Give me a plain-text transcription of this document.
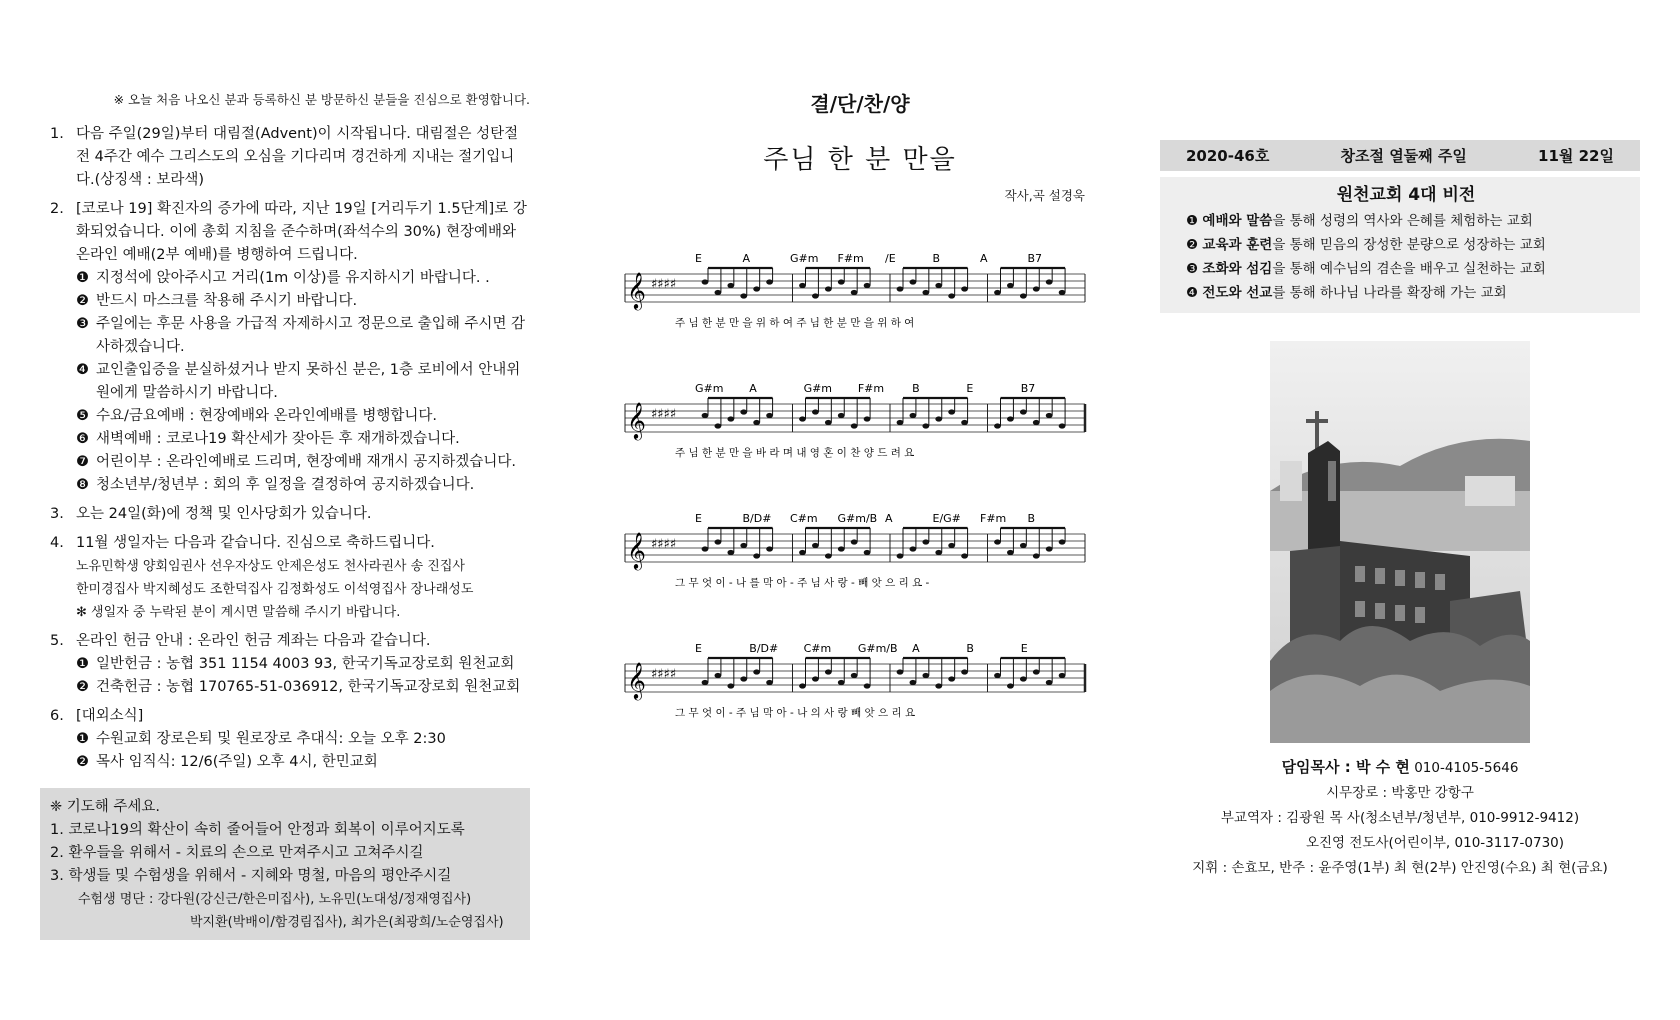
※ 오늘 처음 나오신 분과 등록하신 분 방문하신 분들을 진심으로 환영합니다.
1. 다음 주일(29일)부터 대림절(Advent)이 시작됩니다. 대림절은 성탄절 전 4주간 예수 그리스도의 오심을 기다리며 경건하게 지내는 절기입니다.(상징색 : 보라색)
2. [코로나 19] 확진자의 증가에 따라, 지난 19일 [거리두기 1.5단계]로 강화되었습니다. 이에 총회 지침을 준수하며(좌석수의 30%) 현장예배와 온라인 예배(2부 예배)를 병행하여 드립니다.
❶ 지정석에 앉아주시고 거리(1m 이상)를 유지하시기 바랍니다. .
❷ 반드시 마스크를 착용해 주시기 바랍니다.
❸ 주일에는 후문 사용을 가급적 자제하시고 정문으로 출입해 주시면 감사하겠습니다.
❹ 교인출입증을 분실하셨거나 받지 못하신 분은, 1층 로비에서 안내위원에게 말씀하시기 바랍니다.
❺ 수요/금요예배 : 현장예배와 온라인예배를 병행합니다.
❻ 새벽예배 : 코로나19 확산세가 잦아든 후 재개하겠습니다.
❼ 어린이부 : 온라인예배로 드리며, 현장예배 재개시 공지하겠습니다.
❽ 청소년부/청년부 : 회의 후 일정을 결정하여 공지하겠습니다.
3. 오는 24일(화)에 정책 및 인사당회가 있습니다.
4. 11월 생일자는 다음과 같습니다. 진심으로 축하드립니다.
노유민학생 양회임권사 선우자상도 안제은성도 천사라권사 송 진집사
한미경집사 박지혜성도 조한덕집사 김정화성도 이석영집사 장나래성도
✻ 생일자 중 누락된 분이 계시면 말씀해 주시기 바랍니다.
5. 온라인 헌금 안내 : 온라인 헌금 계좌는 다음과 같습니다.
❶ 일반헌금 : 농협 351 1154 4003 93, 한국기독교장로회 원천교회
❷ 건축헌금 : 농협 170765-51-036912, 한국기독교장로회 원천교회
6. [대외소식]
❶ 수원교회 장로은퇴 및 원로장로 추대식: 오늘 오후 2:30
❷ 목사 임직식: 12/6(주일) 오후 4시, 한민교회
❈ 기도해 주세요.
1. 코로나19의 확산이 속히 줄어들어 안정과 회복이 이루어지도록
2. 환우들을 위해서 - 치료의 손으로 만져주시고 고쳐주시길
3. 학생들 및 수험생을 위해서 - 지혜와 명철, 마음의 평안주시길
수험생 명단 : 강다원(강신근/한은미집사), 노유민(노대성/정재영집사)
박지환(박배이/함경림집사), 최가은(최광희/노순영집사)
결/단/찬/양
주님 한 분 만을
작사,곡 설경욱
E	A	G#m F#m /E	B	A	B7
𝄞 ♯♯♯♯
주 님 한 분 만 을 위 하 여 주 님 한 분 만 을 위 하 여
G#m A	G#m F#m	B	E	B7
𝄞 ♯♯♯♯
주 님 한 분 만 을 바 라 며 내 영 혼 이 찬 양 드 려 요
E	B/D# C#m G#m/B A	E/G# F#m B
𝄞 ♯♯♯♯
그 무 엇 이 - 나 를 막 아 - 주 님 사 랑 - 빼 앗 으 리 요 -
E	B/D# C#m G#m/B A	B	E
𝄞 ♯♯♯♯
그 무 엇 이 - 주 님 막 아 - 나 의 사 랑 빼 앗 으 리 요
2020-46호	창조절 열둘째 주일	11월 22일
원천교회 4대 비전
❶ 예배와 말씀을 통해 성령의 역사와 은혜를 체험하는 교회
❷ 교육과 훈련을 통해 믿음의 장성한 분량으로 성장하는 교회
❸ 조화와 섬김을 통해 예수님의 겸손을 배우고 실천하는 교회
❹ 전도와 선교를 통해 하나님 나라를 확장해 가는 교회
담임목사 : 박 수 현 010-4105-5646
시무장로 : 박홍만 강항구
부교역자 : 김광원 목 사(청소년부/청년부, 010-9912-9412)
오진영 전도사(어린이부, 010-3117-0730)
지휘 : 손효모, 반주 : 윤주영(1부) 최 현(2부) 안진영(수요) 최 현(금요)
